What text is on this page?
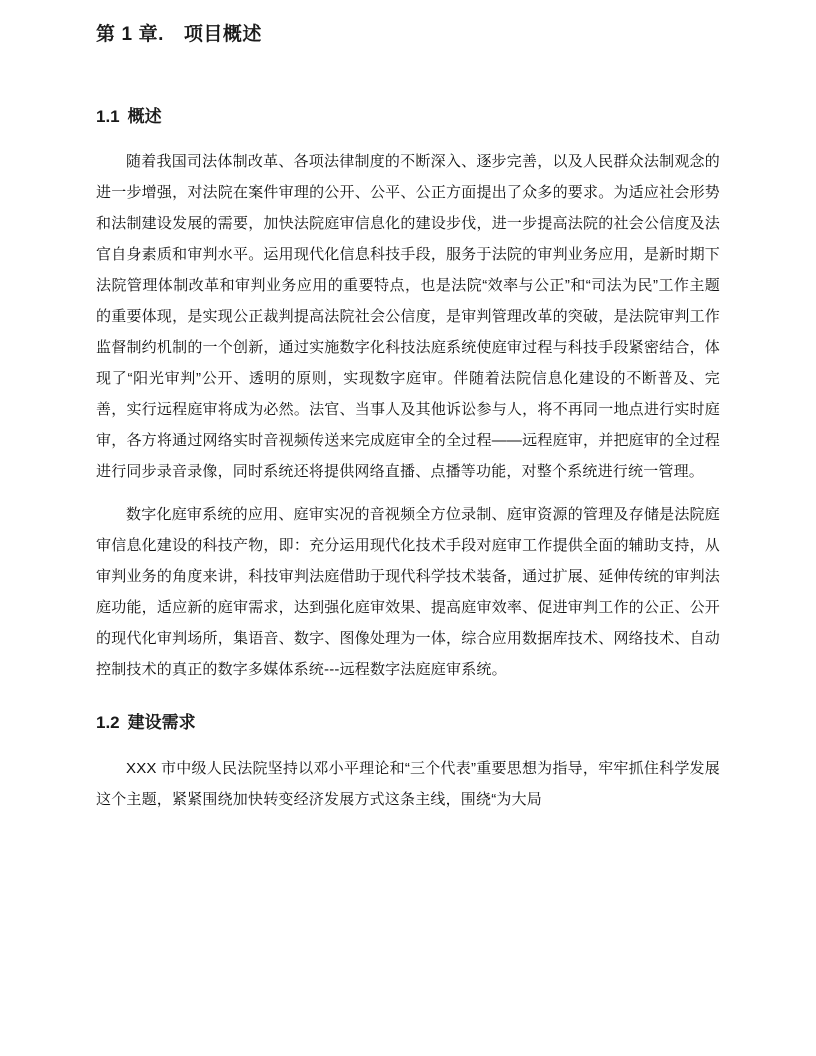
第 1 章. 项目概述
1.1 概述

随着我国司法体制改革、各项法律制度的不断深入、逐步完善，以及人民群众法制观念的进一步增强，对法院在案件审理的公开、公平、公正方面提出了众多的要求。为适应社会形势和法制建设发展的需要，加快法院庭审信息化的建设步伐，进一步提高法院的社会公信度及法官自身素质和审判水平。运用现代化信息科技手段，服务于法院的审判业务应用，是新时期下法院管理体制改革和审判业务应用的重要特点，也是法院“效率与公正”和“司法为民”工作主题的重要体现，是实现公正裁判提高法院社会公信度，是审判管理改革的突破，是法院审判工作监督制约机制的一个创新，通过实施数字化科技法庭系统使庭审过程与科技手段紧密结合，体现了“阳光审判”公开、透明的原则，实现数字庭审。伴随着法院信息化建设的不断普及、完善，实行远程庭审将成为必然。法官、当事人及其他诉讼参与人，将不再同一地点进行实时庭审，各方将通过网络实时音视频传送来完成庭审全的全过程——远程庭审，并把庭审的全过程进行同步录音录像，同时系统还将提供网络直播、点播等功能，对整个系统进行统一管理。

数字化庭审系统的应用、庭审实况的音视频全方位录制、庭审资源的管理及存储是法院庭审信息化建设的科技产物，即：充分运用现代化技术手段对庭审工作提供全面的辅助支持，从审判业务的角度来讲，科技审判法庭借助于现代科学技术装备，通过扩展、延伸传统的审判法庭功能，适应新的庭审需求，达到强化庭审效果、提高庭审效率、促进审判工作的公正、公开的现代化审判场所，集语音、数字、图像处理为一体，综合应用数据库技术、网络技术、自动控制技术的真正的数字多媒体系统---远程数字法庭庭审系统。

1.2 建设需求

XXX 市中级人民法院坚持以邓小平理论和“三个代表”重要思想为指导，牢牢抓住科学发展这个主题，紧紧围绕加快转变经济发展方式这条主线，围绕“为大局
